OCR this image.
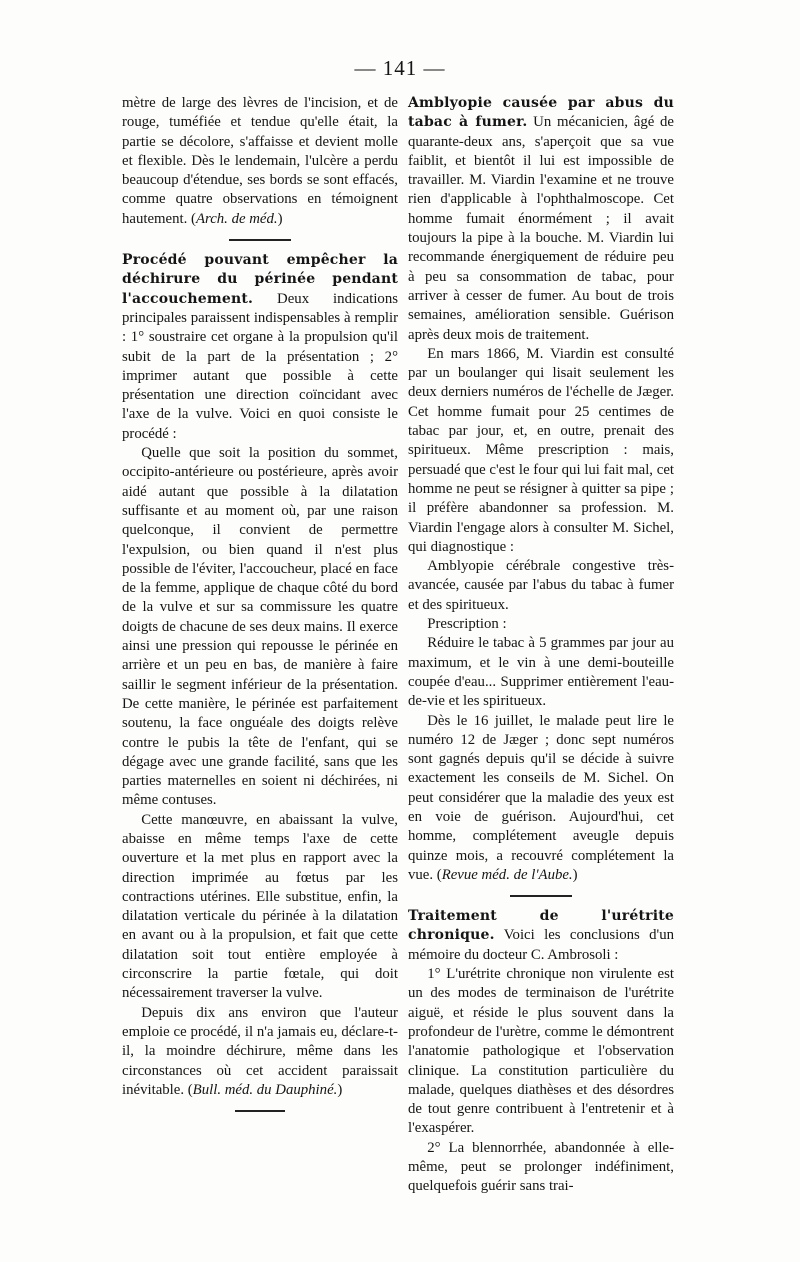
— 141 —

mètre de large des lèvres de l'incision, et de rouge, tuméfiée et tendue qu'elle était, la partie se décolore, s'affaisse et devient molle et flexible. Dès le lendemain, l'ulcère a perdu beaucoup d'étendue, ses bords se sont effacés, comme quatre observations en témoignent hautement. (Arch. de méd.)

Procédé pouvant empêcher la déchirure du périnée pendant l'accouchement. Deux indications principales paraissent indispensables à remplir : 1° soustraire cet organe à la propulsion qu'il subit de la part de la présentation ; 2° imprimer autant que possible à cette présentation une direction coïncidant avec l'axe de la vulve. Voici en quoi consiste le procédé :

Quelle que soit la position du sommet, occipito-antérieure ou postérieure, après avoir aidé autant que possible à la dilatation suffisante et au moment où, par une raison quelconque, il convient de permettre l'expulsion, ou bien quand il n'est plus possible de l'éviter, l'accoucheur, placé en face de la femme, applique de chaque côté du bord de la vulve et sur sa commissure les quatre doigts de chacune de ses deux mains. Il exerce ainsi une pression qui repousse le périnée en arrière et un peu en bas, de manière à faire saillir le segment inférieur de la présentation. De cette manière, le périnée est parfaitement soutenu, la face onguéale des doigts relève contre le pubis la tête de l'enfant, qui se dégage avec une grande facilité, sans que les parties maternelles en soient ni déchirées, ni même contuses.

Cette manœuvre, en abaissant la vulve, abaisse en même temps l'axe de cette ouverture et la met plus en rapport avec la direction imprimée au fœtus par les contractions utérines. Elle substitue, enfin, la dilatation verticale du périnée à la dilatation en avant ou à la propulsion, et fait que cette dilatation soit tout entière employée à circonscrire la partie fœtale, qui doit nécessairement traverser la vulve.

Depuis dix ans environ que l'auteur emploie ce procédé, il n'a jamais eu, déclare-t-il, la moindre déchirure, même dans les circonstances où cet accident paraissait inévitable. (Bull. méd. du Dauphiné.)

Amblyopie causée par abus du tabac à fumer. Un mécanicien, âgé de quarante-deux ans, s'aperçoit que sa vue faiblit, et bientôt il lui est impossible de travailler. M. Viardin l'examine et ne trouve rien d'applicable à l'ophthalmoscope. Cet homme fumait énormément ; il avait toujours la pipe à la bouche. M. Viardin lui recommande énergiquement de réduire peu à peu sa consommation de tabac, pour arriver à cesser de fumer. Au bout de trois semaines, amélioration sensible. Guérison après deux mois de traitement.

En mars 1866, M. Viardin est consulté par un boulanger qui lisait seulement les deux derniers numéros de l'échelle de Jæger. Cet homme fumait pour 25 centimes de tabac par jour, et, en outre, prenait des spiritueux. Même prescription : mais, persuadé que c'est le four qui lui fait mal, cet homme ne peut se résigner à quitter sa pipe ; il préfère abandonner sa profession. M. Viardin l'engage alors à consulter M. Sichel, qui diagnostique :

Amblyopie cérébrale congestive très-avancée, causée par l'abus du tabac à fumer et des spiritueux.

Prescription :

Réduire le tabac à 5 grammes par jour au maximum, et le vin à une demi-bouteille coupée d'eau... Supprimer entièrement l'eau-de-vie et les spiritueux.

Dès le 16 juillet, le malade peut lire le numéro 12 de Jæger ; donc sept numéros sont gagnés depuis qu'il se décide à suivre exactement les conseils de M. Sichel. On peut considérer que la maladie des yeux est en voie de guérison. Aujourd'hui, cet homme, complétement aveugle depuis quinze mois, a recouvré complétement la vue. (Revue méd. de l'Aube.)

Traitement de l'urétrite chronique. Voici les conclusions d'un mémoire du docteur C. Ambrosoli :

1° L'urétrite chronique non virulente est un des modes de terminaison de l'urétrite aiguë, et réside le plus souvent dans la profondeur de l'urètre, comme le démontrent l'anatomie pathologique et l'observation clinique. La constitution particulière du malade, quelques diathèses et des désordres de tout genre contribuent à l'entretenir et à l'exaspérer.

2° La blennorrhée, abandonnée à elle-même, peut se prolonger indéfiniment, quelquefois guérir sans trai-
